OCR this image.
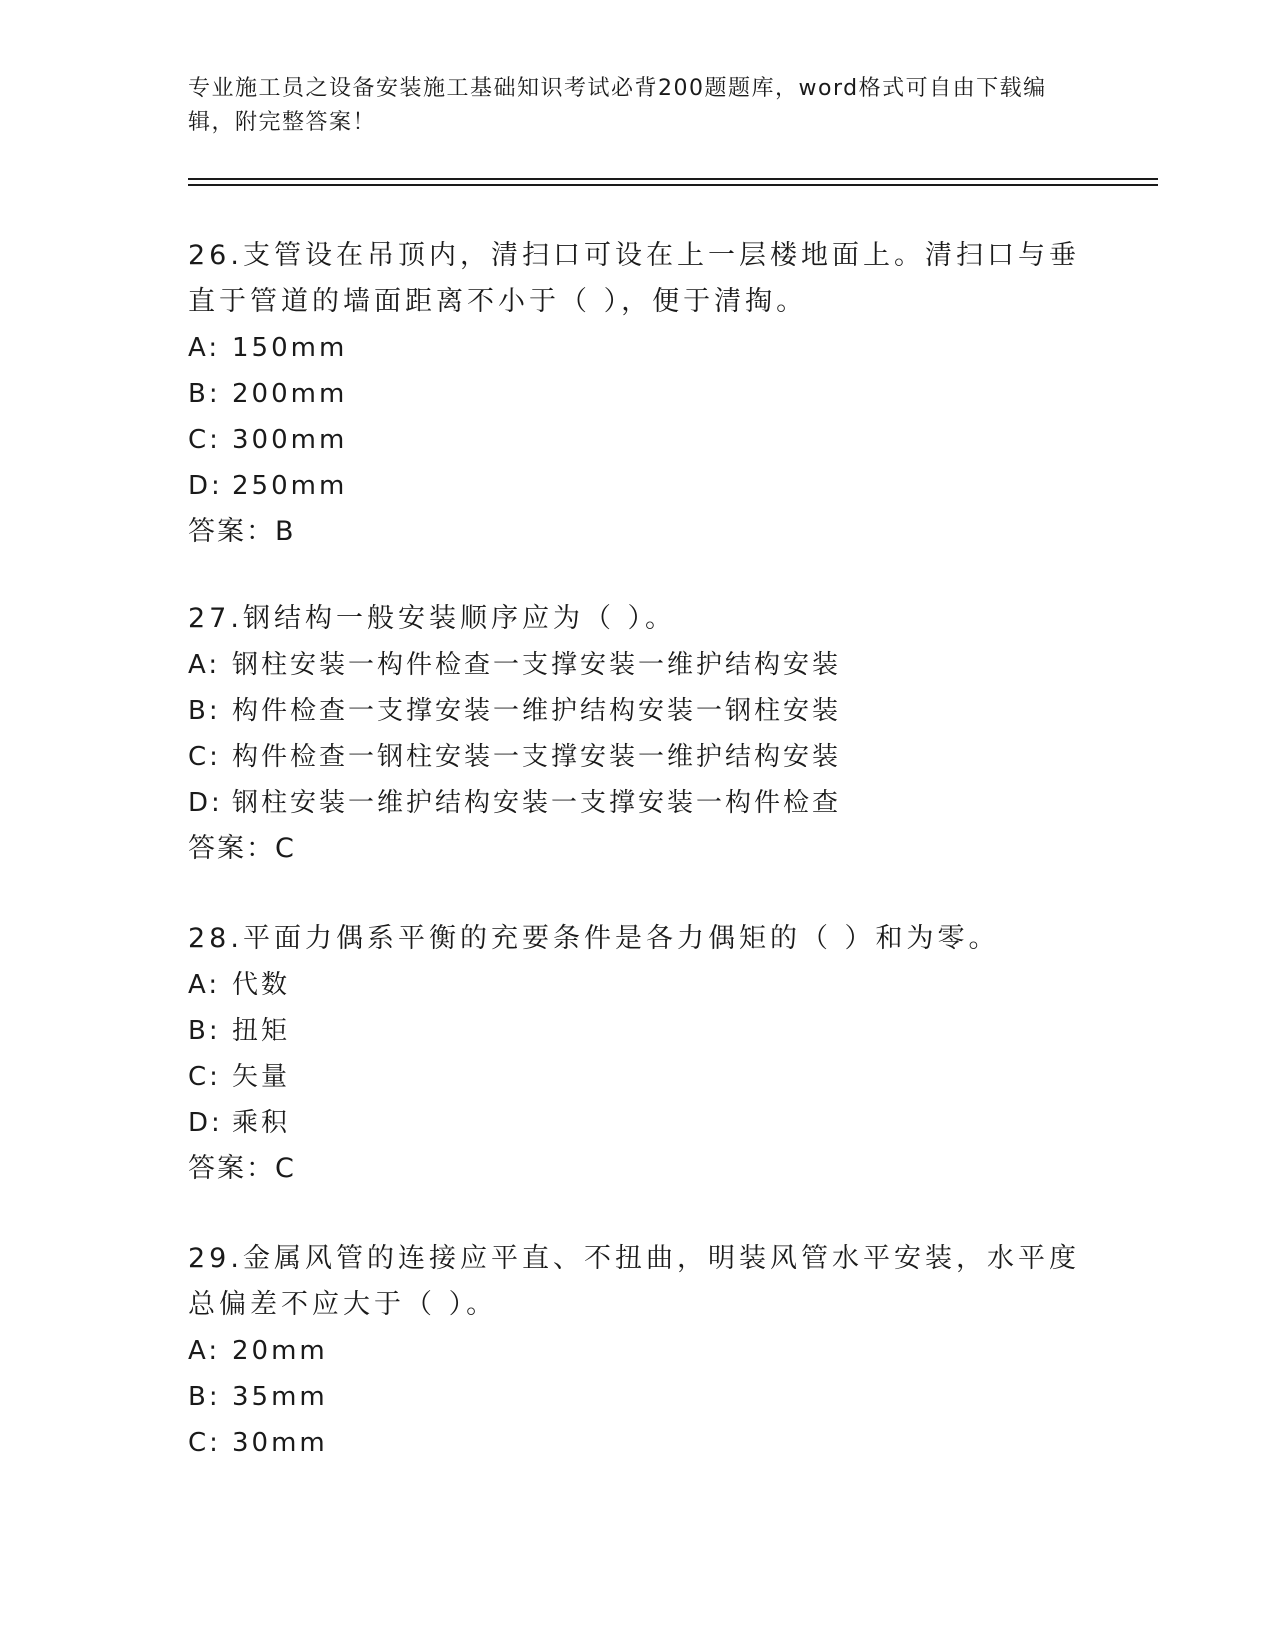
专业施工员之设备安装施工基础知识考试必背200题题库，word格式可自由下载编辑，附完整答案！

26.支管设在吊顶内，清扫口可设在上一层楼地面上。清扫口与垂直于管道的墙面距离不小于（ ），便于清掏。

A: 150mm

B: 200mm

C: 300mm

D: 250mm

答案：B

27.钢结构一般安装顺序应为（ ）。

A: 钢柱安装一构件检查一支撑安装一维护结构安装

B: 构件检查一支撑安装一维护结构安装一钢柱安装

C: 构件检查一钢柱安装一支撑安装一维护结构安装

D: 钢柱安装一维护结构安装一支撑安装一构件检查

答案：C

28.平面力偶系平衡的充要条件是各力偶矩的（ ）和为零。

A: 代数

B: 扭矩

C: 矢量

D: 乘积

答案：C

29.金属风管的连接应平直、不扭曲，明装风管水平安装，水平度总偏差不应大于（ ）。

A: 20mm

B: 35mm

C: 30mm
